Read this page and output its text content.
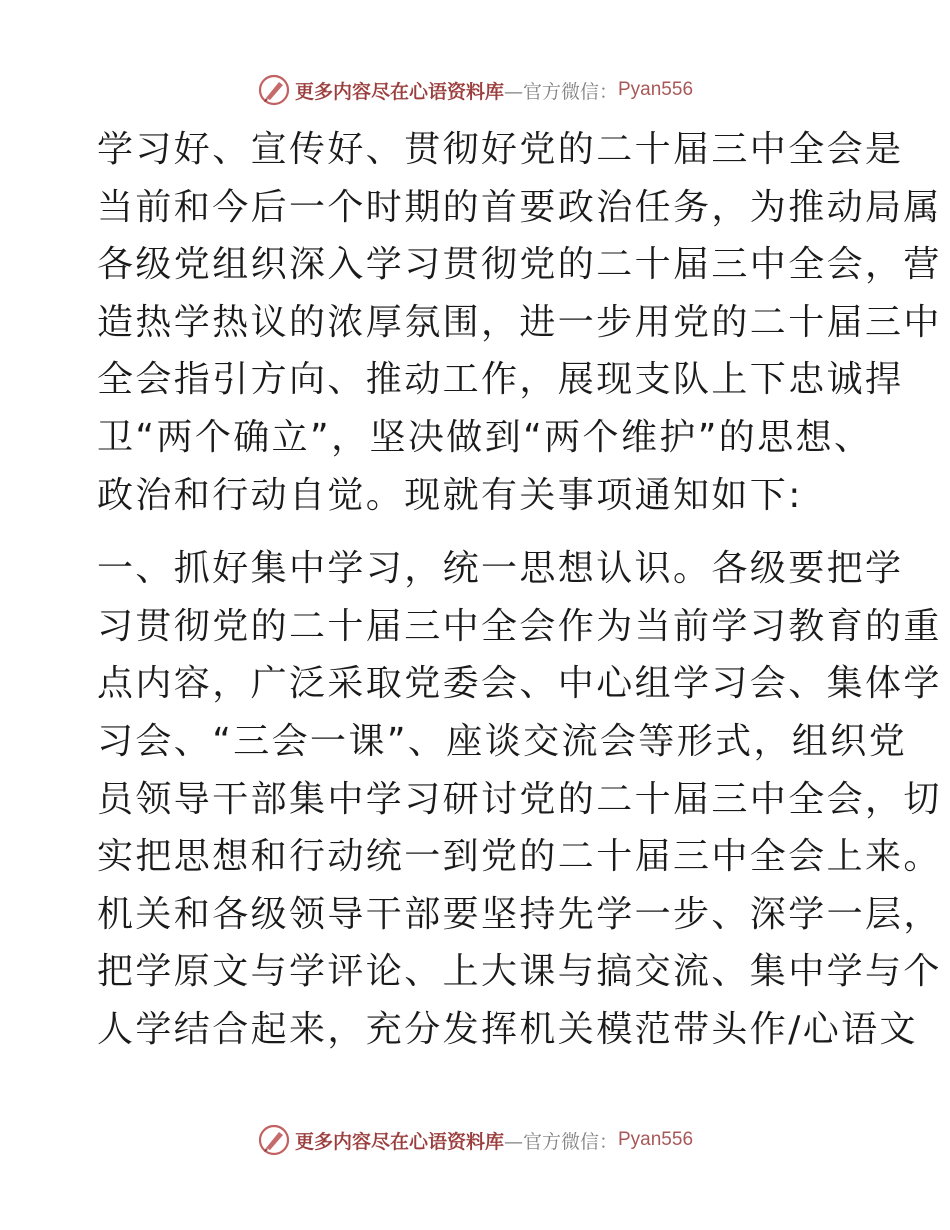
更多内容尽在心语资料库 —官方微信： Pyan556
学习好、宣传好、贯彻好党的二十届三中全会是
当前和今后一个时期的首要政治任务，为推动局属
各级党组织深入学习贯彻党的二十届三中全会，营
造热学热议的浓厚氛围，进一步用党的二十届三中
全会指引方向、推动工作，展现支队上下忠诚捍
卫“两个确立”，坚决做到“两个维护”的思想、
政治和行动自觉。现就有关事项通知如下:
一、抓好集中学习，统一思想认识。各级要把学
习贯彻党的二十届三中全会作为当前学习教育的重
点内容，广泛采取党委会、中心组学习会、集体学
习会、“三会一课”、座谈交流会等形式，组织党
员领导干部集中学习研讨党的二十届三中全会，切
实把思想和行动统一到党的二十届三中全会上来。
机关和各级领导干部要坚持先学一步、深学一层，
把学原文与学评论、上大课与搞交流、集中学与个
人学结合起来，充分发挥机关模范带头作/心语文
更多内容尽在心语资料库 —官方微信： Pyan556
